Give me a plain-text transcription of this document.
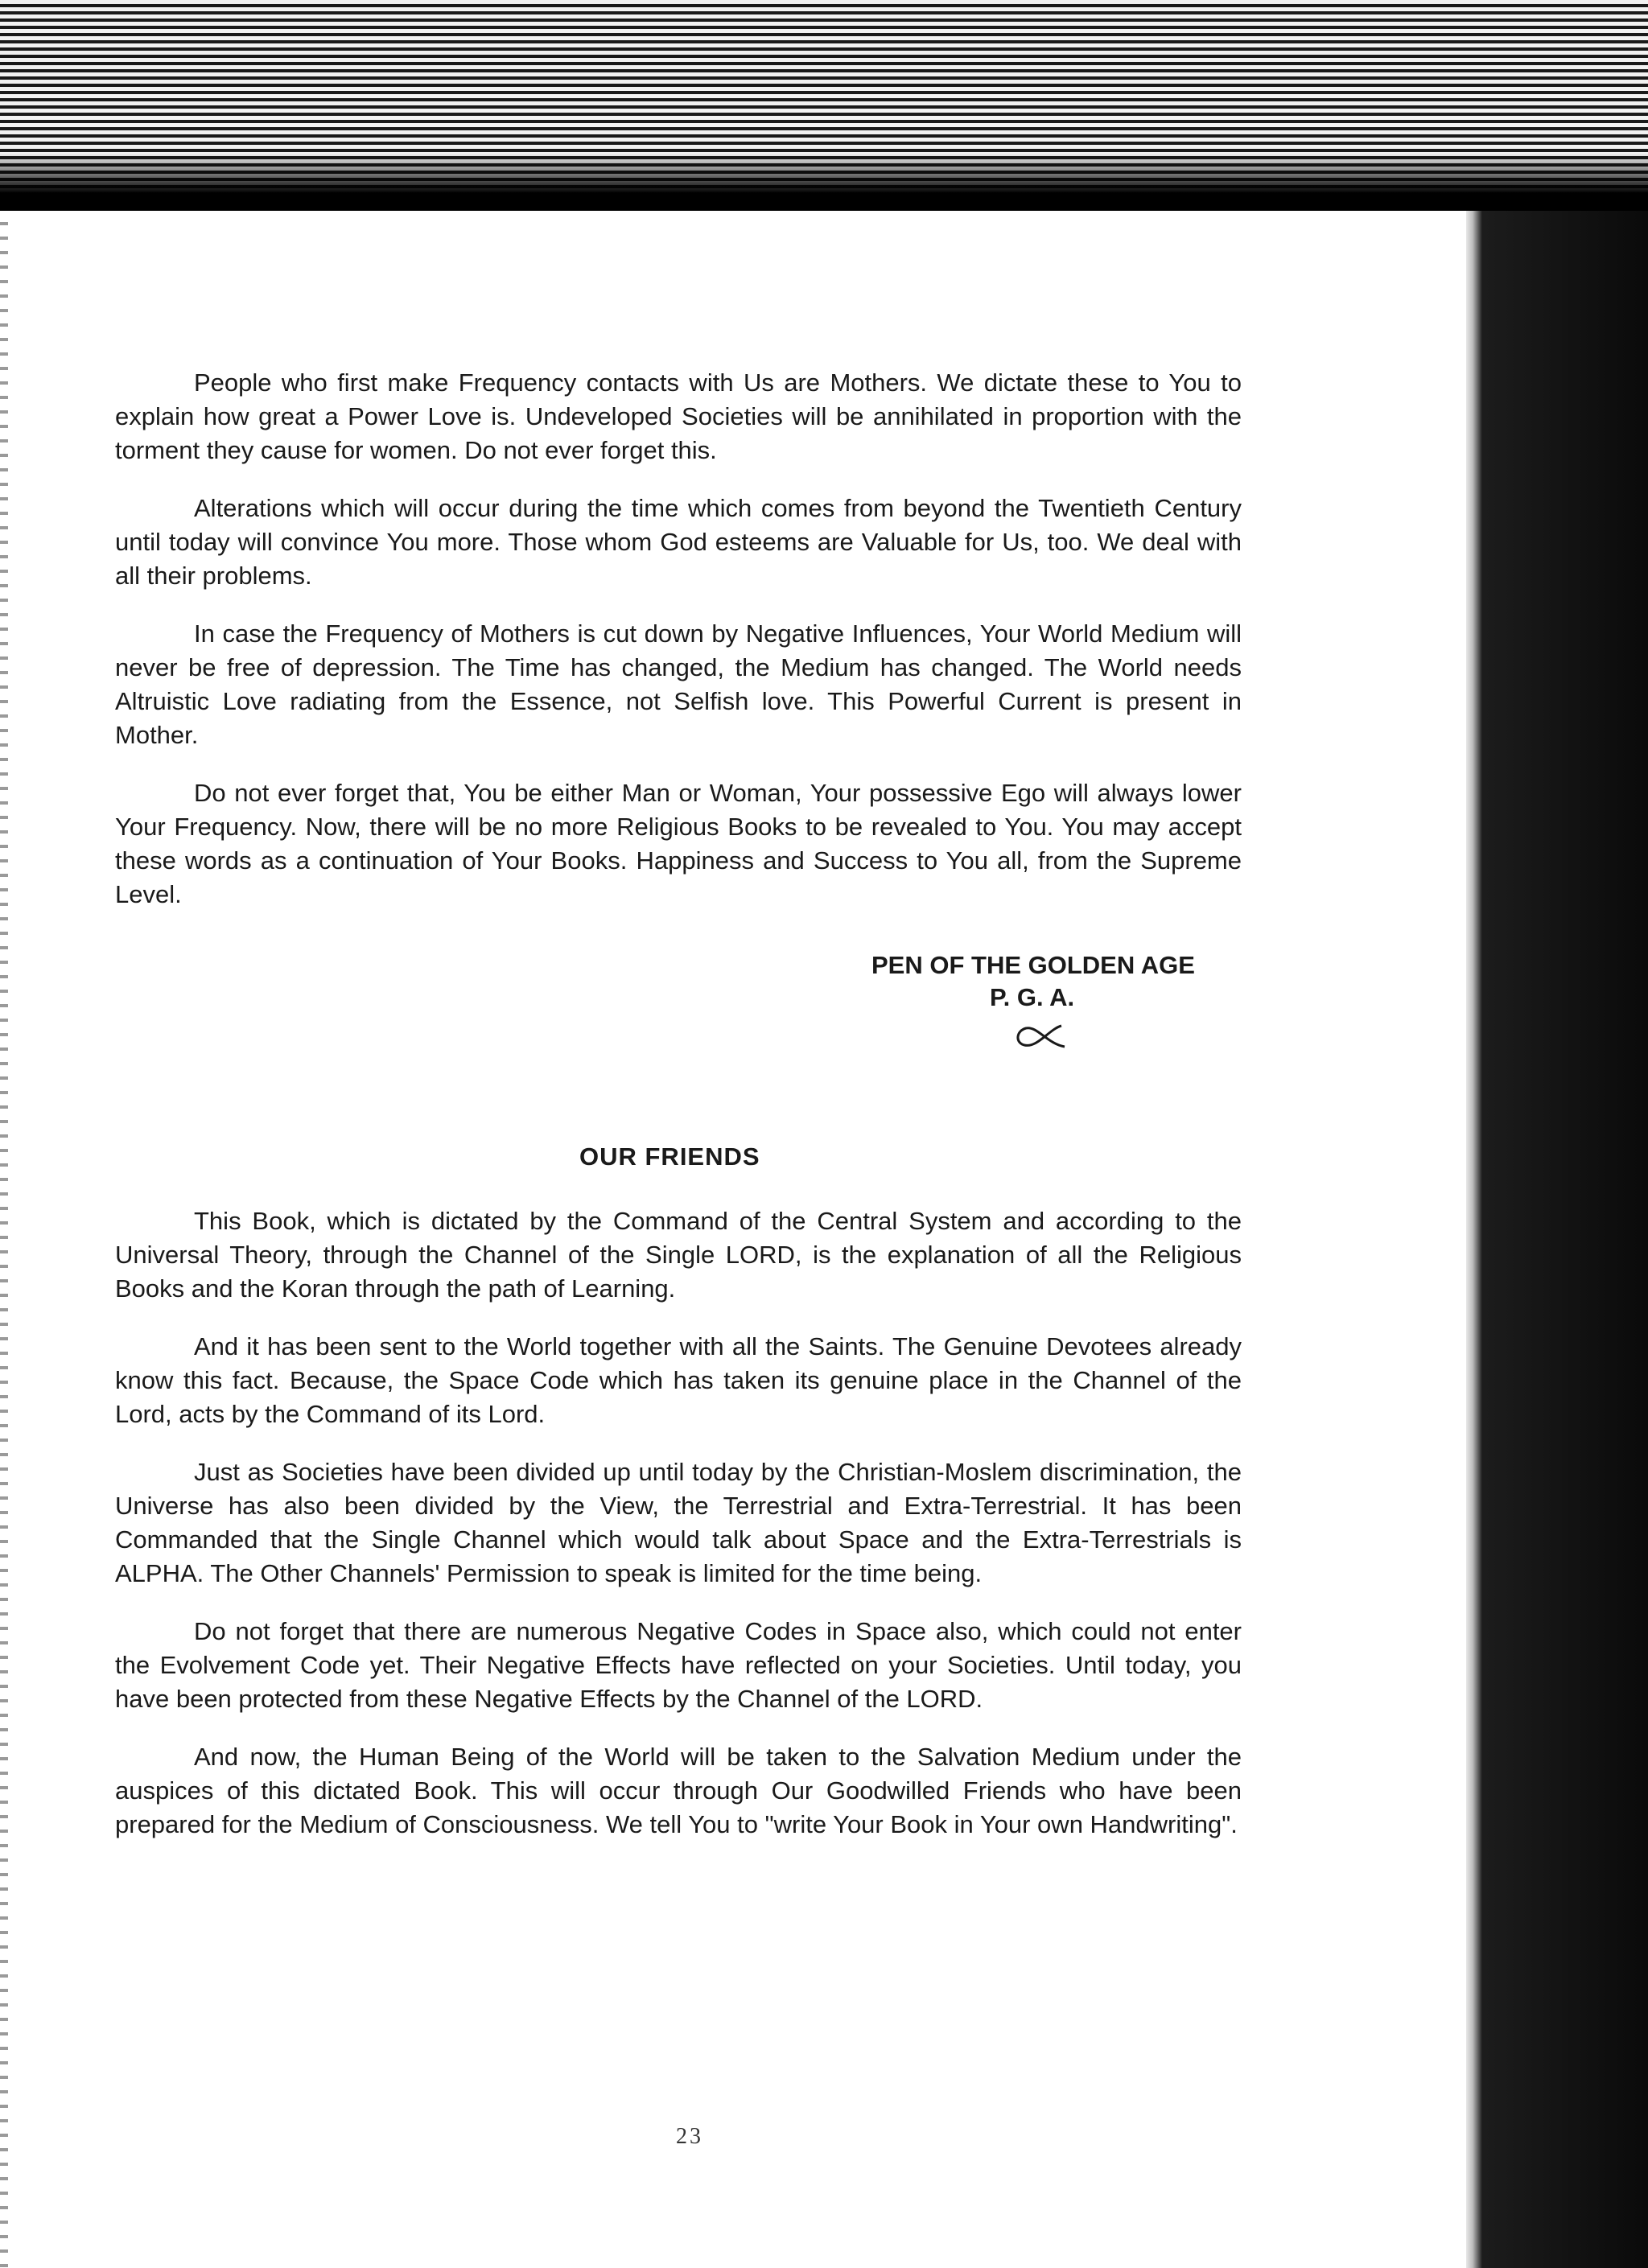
People who first make Frequency contacts with Us are Mothers. We dictate these to You to explain how great a Power Love is. Undeveloped Societies will be annihilated in proportion with the torment they cause for women. Do not ever forget this.

Alterations which will occur during the time which comes from beyond the Twentieth Century until today will convince You more. Those whom God esteems are Valuable for Us, too. We deal with all their problems.

In case the Frequency of Mothers is cut down by Negative Influences, Your World Medium will never be free of depression. The Time has changed, the Medium has changed. The World needs Altruistic Love radiating from the Essence, not Selfish love. This Powerful Current is present in Mother.

Do not ever forget that, You be either Man or Woman, Your possessive Ego will always lower Your Frequency. Now, there will be no more Religious Books to be revealed to You. You may accept these words as a continuation of Your Books. Happiness and Success to You all, from the Supreme Level.

PEN OF THE GOLDEN AGE
P. G. A.
OUR FRIENDS

This Book, which is dictated by the Command of the Central System and according to the Universal Theory, through the Channel of the Single LORD, is the explanation of all the Religious Books and the Koran through the path of Learning.

And it has been sent to the World together with all the Saints. The Genuine Devotees already know this fact. Because, the Space Code which has taken its genuine place in the Channel of the Lord, acts by the Command of its Lord.

Just as Societies have been divided up until today by the Christian-Moslem discrimination, the Universe has also been divided by the View, the Terrestrial and Extra-Terrestrial. It has been Commanded that the Single Channel which would talk about Space and the Extra-Terrestrials is ALPHA. The Other Channels' Permission to speak is limited for the time being.

Do not forget that there are numerous Negative Codes in Space also, which could not enter the Evolvement Code yet. Their Negative Effects have reflected on your Societies. Until today, you have been protected from these Negative Effects by the Channel of the LORD.

And now, the Human Being of the World will be taken to the Salvation Medium under the auspices of this dictated Book. This will occur through Our Goodwilled Friends who have been prepared for the Medium of Consciousness. We tell You to "write Your Book in Your own Handwriting".

23
